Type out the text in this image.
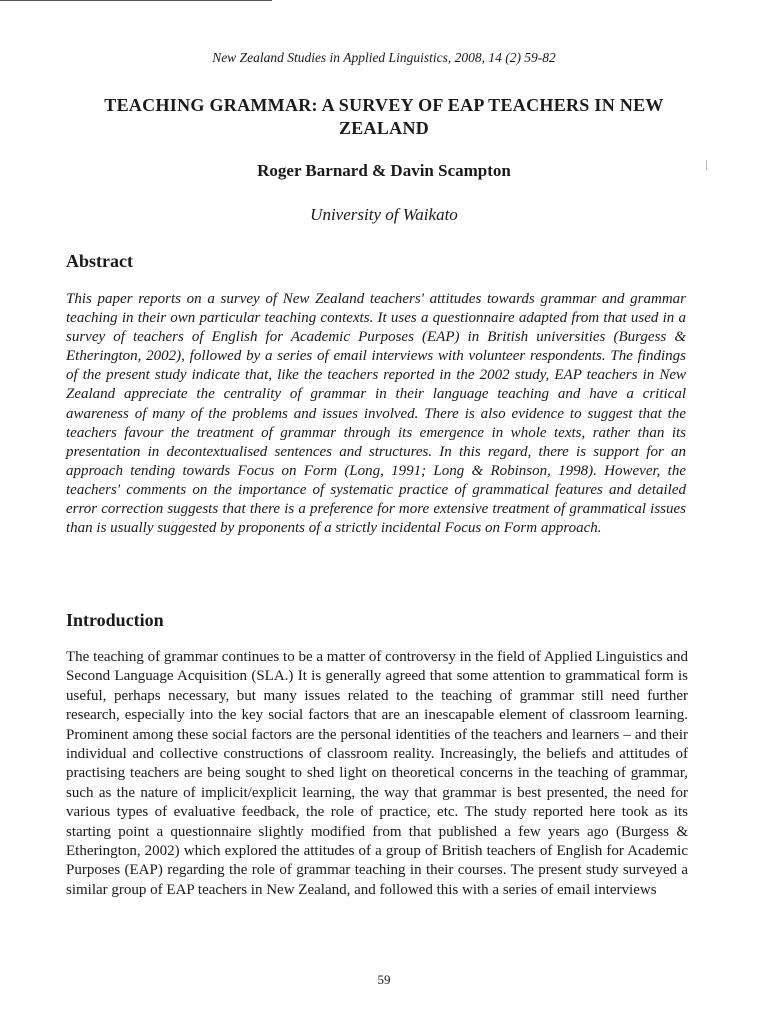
New Zealand Studies in Applied Linguistics, 2008, 14 (2) 59-82
TEACHING GRAMMAR: A SURVEY OF EAP TEACHERS IN NEW ZEALAND
Roger Barnard & Davin Scampton
University of Waikato
Abstract
This paper reports on a survey of New Zealand teachers' attitudes towards grammar and grammar teaching in their own particular teaching contexts. It uses a questionnaire adapted from that used in a survey of teachers of English for Academic Purposes (EAP) in British universities (Burgess & Etherington, 2002), followed by a series of email interviews with volunteer respondents. The findings of the present study indicate that, like the teachers reported in the 2002 study, EAP teachers in New Zealand appreciate the centrality of grammar in their language teaching and have a critical awareness of many of the problems and issues involved. There is also evidence to suggest that the teachers favour the treatment of grammar through its emergence in whole texts, rather than its presentation in decontextualised sentences and structures. In this regard, there is support for an approach tending towards Focus on Form (Long, 1991; Long & Robinson, 1998). However, the teachers' comments on the importance of systematic practice of grammatical features and detailed error correction suggests that there is a preference for more extensive treatment of grammatical issues than is usually suggested by proponents of a strictly incidental Focus on Form approach.
Introduction
The teaching of grammar continues to be a matter of controversy in the field of Applied Linguistics and Second Language Acquisition (SLA.) It is generally agreed that some attention to grammatical form is useful, perhaps necessary, but many issues related to the teaching of grammar still need further research, especially into the key social factors that are an inescapable element of classroom learning. Prominent among these social factors are the personal identities of the teachers and learners – and their individual and collective constructions of classroom reality. Increasingly, the beliefs and attitudes of practising teachers are being sought to shed light on theoretical concerns in the teaching of grammar, such as the nature of implicit/explicit learning, the way that grammar is best presented, the need for various types of evaluative feedback, the role of practice, etc. The study reported here took as its starting point a questionnaire slightly modified from that published a few years ago (Burgess & Etherington, 2002) which explored the attitudes of a group of British teachers of English for Academic Purposes (EAP) regarding the role of grammar teaching in their courses. The present study surveyed a similar group of EAP teachers in New Zealand, and followed this with a series of email interviews
59
